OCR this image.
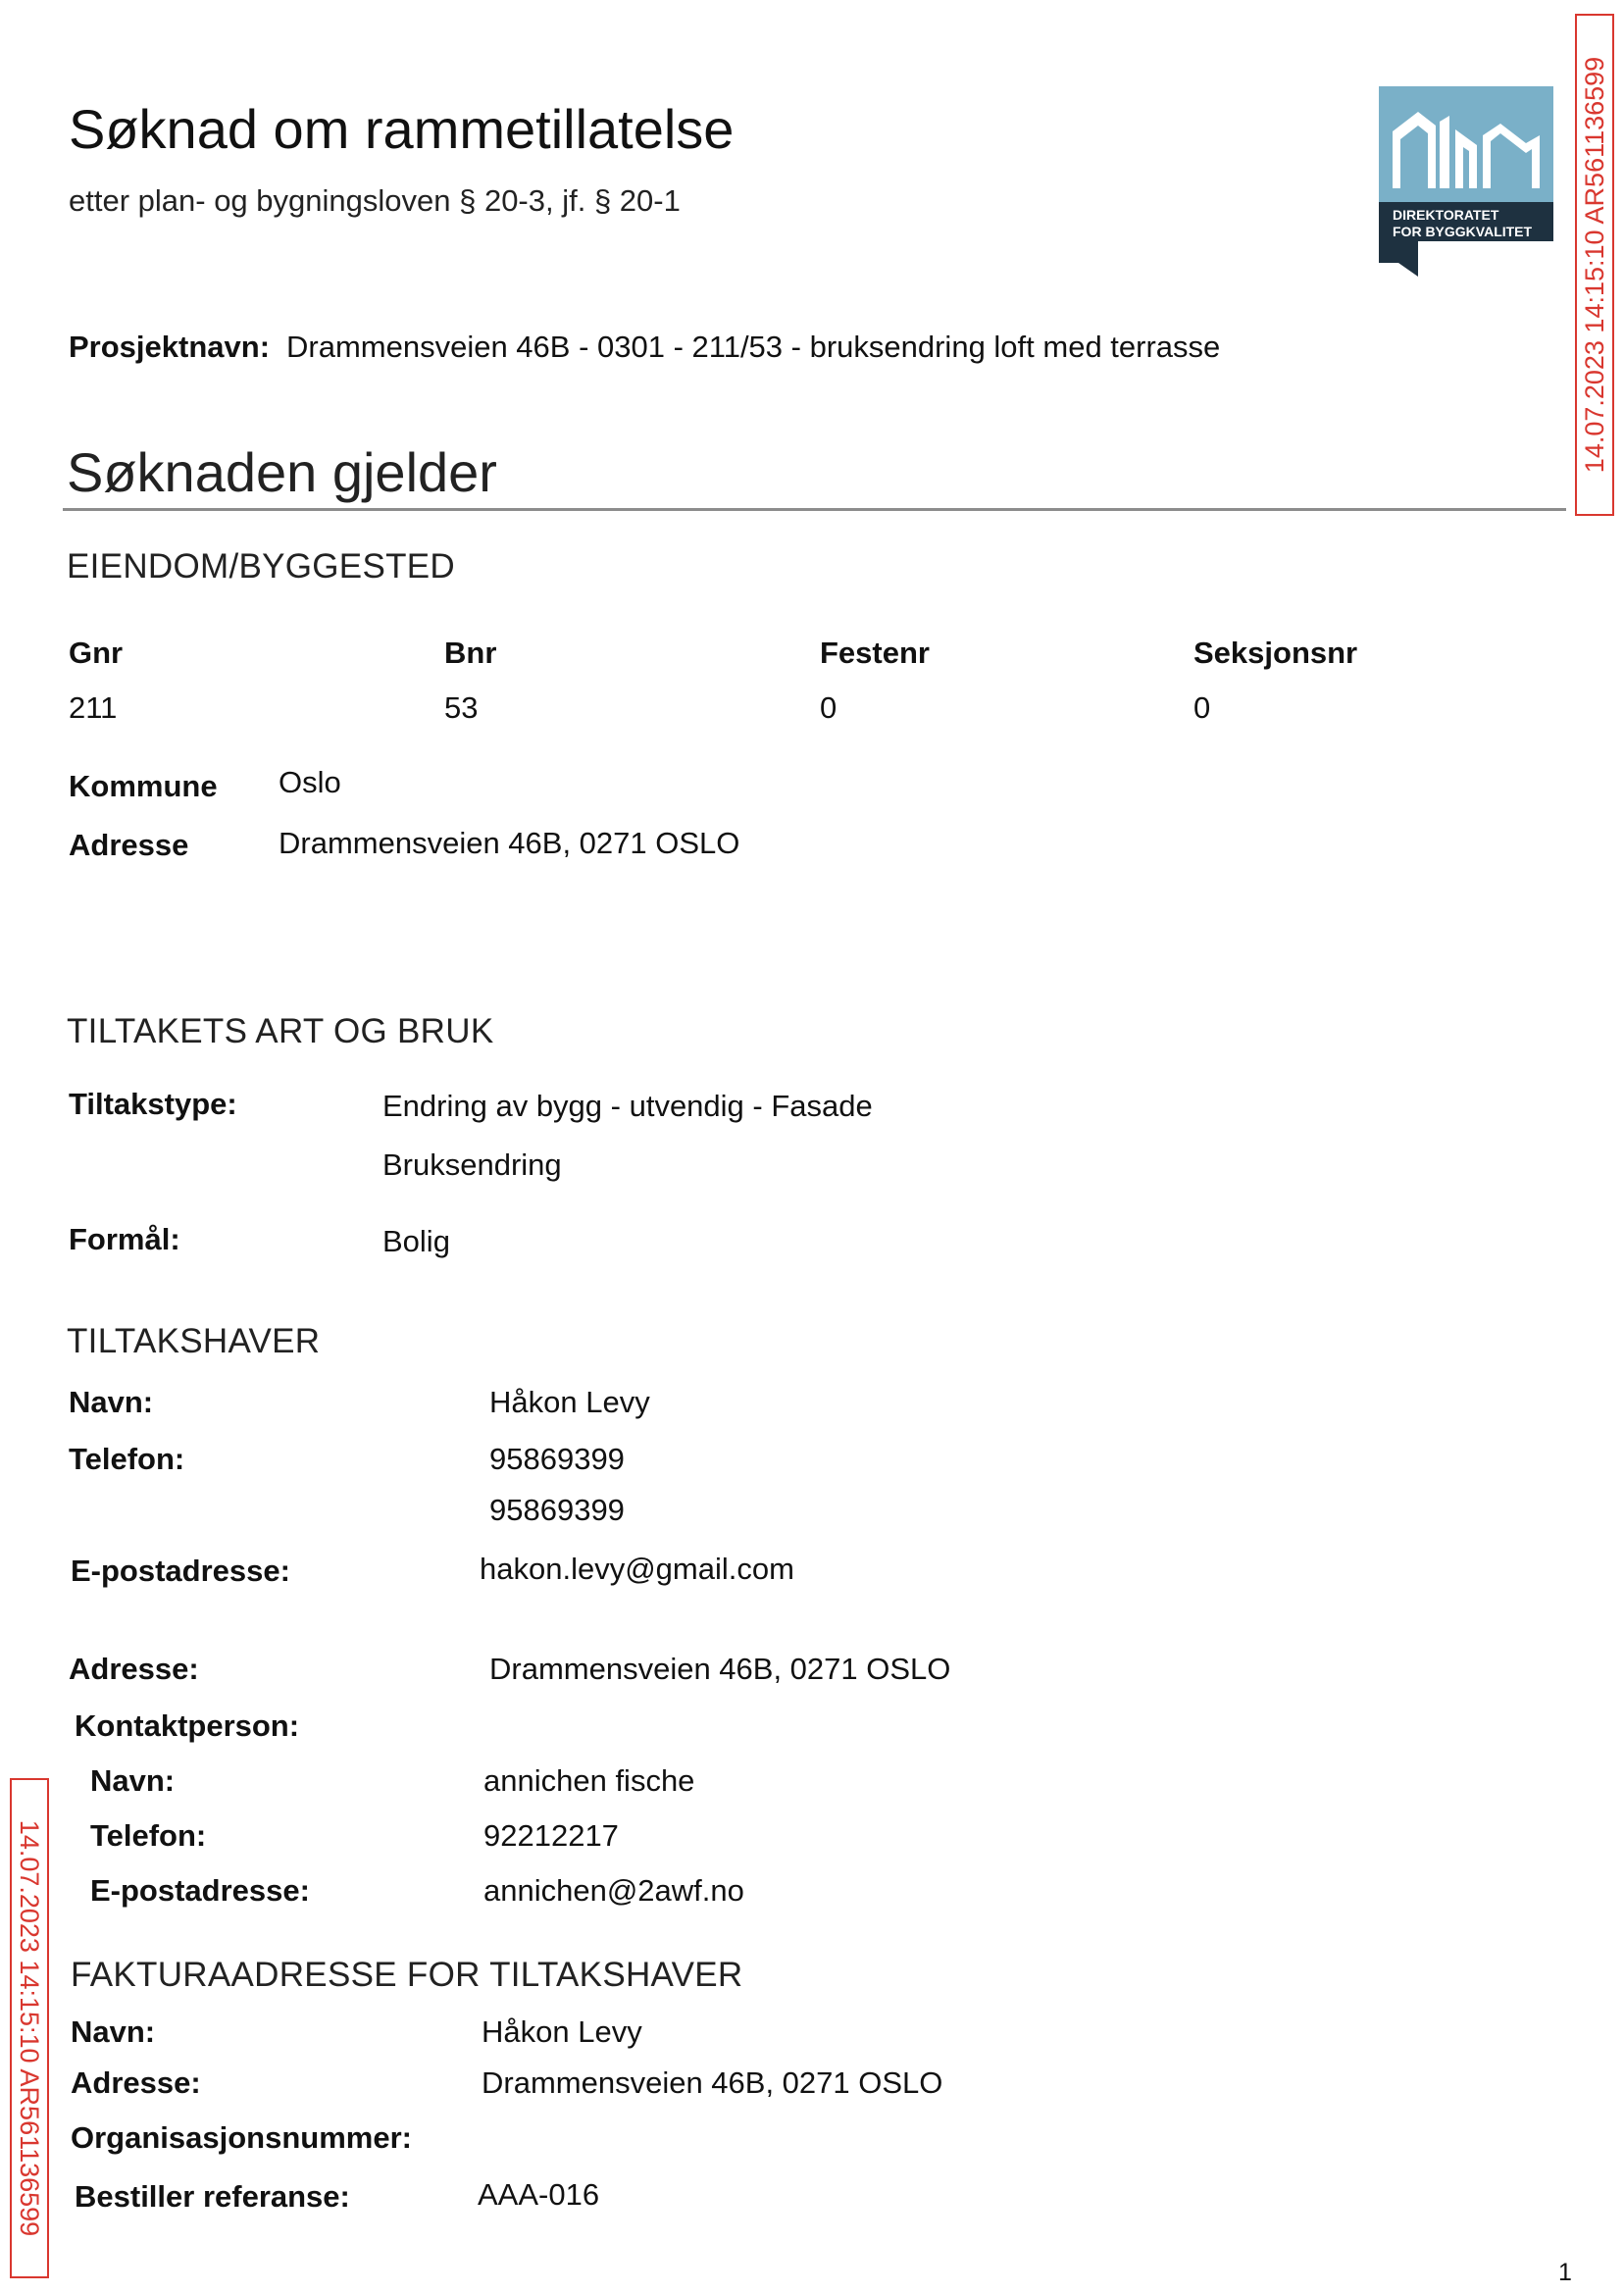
Søknad om rammetillatelse
etter plan- og bygningsloven § 20-3, jf. § 20-1	DIREKTORATET
FOR BYGGKVALITET
Prosjektnavn: Drammensveien 46B - 0301 - 211/53 - bruksendring loft med terrasse
Søknaden gjelder
EIENDOM/BYGGESTED
Gnr	Bnr	Festenr	Seksjonsnr
211	53	0	0
Kommune Oslo
Adresse	Drammensveien 46B, 0271 OSLO
TILTAKETS ART OG BRUK
Tiltakstype:	Endring av bygg - utvendig - Fasade
Bruksendring
Formål:	Bolig
TILTAKSHAVER
Navn:	Håkon Levy
Telefon:	95869399
95869399
E-postadresse:	hakon.levy@gmail.com
Adresse:	Drammensveien 46B, 0271 OSLO
Kontaktperson:
Navn:	annichen fische
Telefon:	92212217
E-postadresse:	annichen@2awf.no
FAKTURAADRESSE FOR TILTAKSHAVER
Navn:	Håkon Levy
Adresse:	Drammensveien 46B, 0271 OSLO
Organisasjonsnummer:
Bestiller referanse:	AAA-016
14.07.2023 14:15:10 AR561136599
14.07.2023 14:15:10 AR561136599
1
